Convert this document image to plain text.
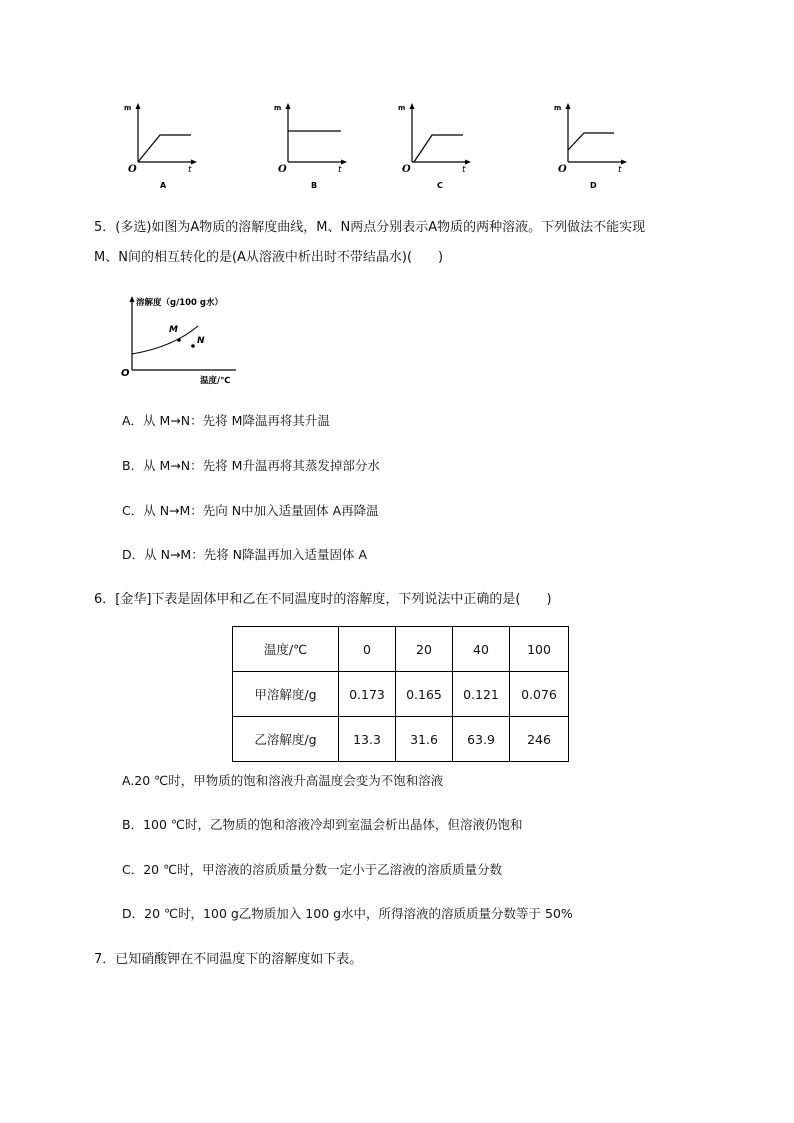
m
O	t
A
m
O	t
B
m
O	t
C
m
O	t
D
5．(多选)如图为A物质的溶解度曲线，M、N两点分别表示A物质的两种溶液。下列做法不能实现
M、N间的相互转化的是(A从溶液中析出时不带结晶水)(　　)
溶解度（g/100 g水）
O
温度/℃
M
N
A．从 M→N：先将 M降温再将其升温
B．从 M→N：先将 M升温再将其蒸发掉部分水
C．从 N→M：先向 N中加入适量固体 A再降温
D．从 N→M：先将 N降温再加入适量固体 A
6．[金华]下表是固体甲和乙在不同温度时的溶解度，下列说法中正确的是(　　)
温度/℃	0	20	40	100
甲溶解度/g	0.173	0.165	0.121	0.076
乙溶解度/g	13.3	31.6	63.9	246
A.20 ℃时，甲物质的饱和溶液升高温度会变为不饱和溶液
B．100 ℃时，乙物质的饱和溶液冷却到室温会析出晶体，但溶液仍饱和
C．20 ℃时，甲溶液的溶质质量分数一定小于乙溶液的溶质质量分数
D．20 ℃时，100 g乙物质加入 100 g水中，所得溶液的溶质质量分数等于 50%
7．已知硝酸钾在不同温度下的溶解度如下表。
